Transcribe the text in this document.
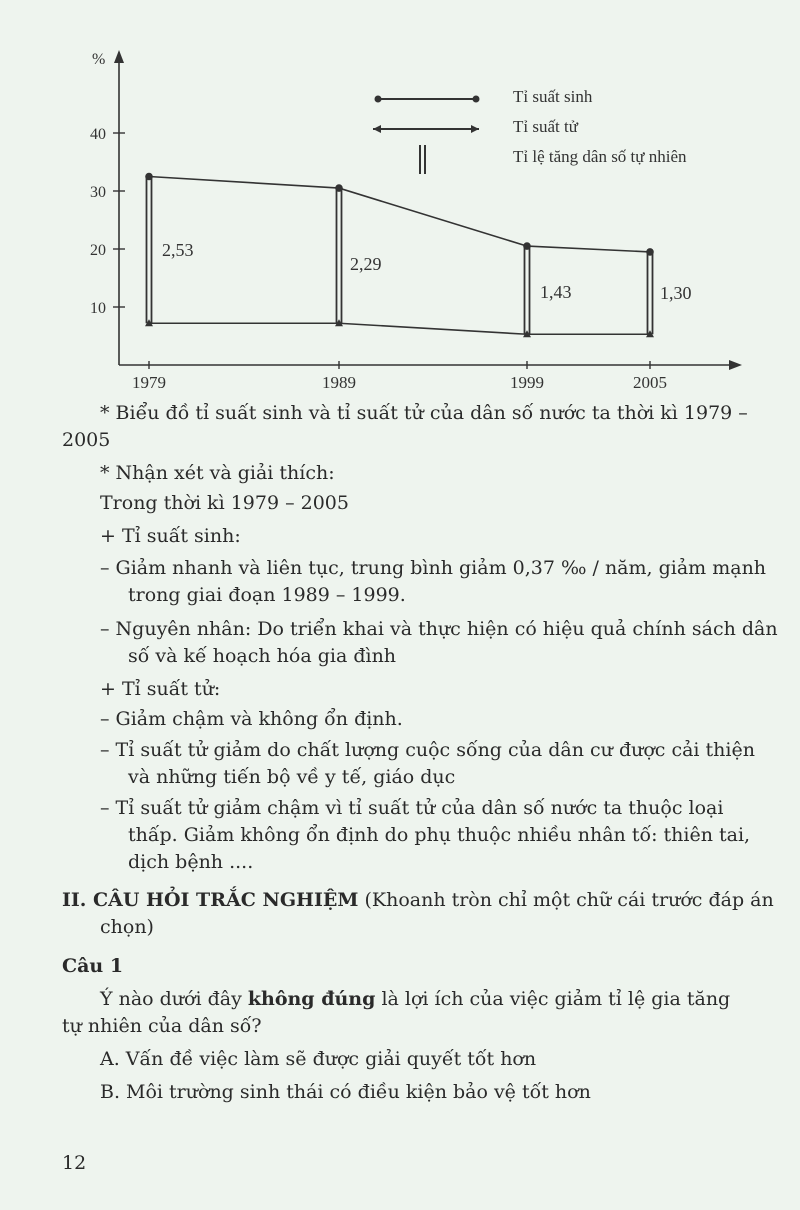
%
10
20
30
40
1979	1989	1999	2005
2,53
2,29
1,43	1,30
Tỉ suất sinh
Tỉ suất tử
Tỉ lệ tăng dân số tự nhiên
* Biểu đồ tỉ suất sinh và tỉ suất tử của dân số nước ta thời kì 1979 – 2005
* Nhận xét và giải thích:
Trong thời kì 1979 – 2005
+ Tỉ suất sinh:
– Giảm nhanh và liên tục, trung bình giảm 0,37 ‰ / năm, giảm mạnh trong giai đoạn 1989 – 1999.
– Nguyên nhân: Do triển khai và thực hiện có hiệu quả chính sách dân số và kế hoạch hóa gia đình
+ Tỉ suất tử:
– Giảm chậm và không ổn định.
– Tỉ suất tử giảm do chất lượng cuộc sống của dân cư được cải thiện và những tiến bộ về y tế, giáo dục
– Tỉ suất tử giảm chậm vì tỉ suất tử của dân số nước ta thuộc loại thấp. Giảm không ổn định do phụ thuộc nhiều nhân tố: thiên tai, dịch bệnh ....
II. CÂU HỎI TRẮC NGHIỆM (Khoanh tròn chỉ một chữ cái trước đáp án chọn)
Câu 1
Ý nào dưới đây không đúng là lợi ích của việc giảm tỉ lệ gia tăng tự nhiên của dân số?
A. Vấn đề việc làm sẽ được giải quyết tốt hơn
B. Môi trường sinh thái có điều kiện bảo vệ tốt hơn
12
